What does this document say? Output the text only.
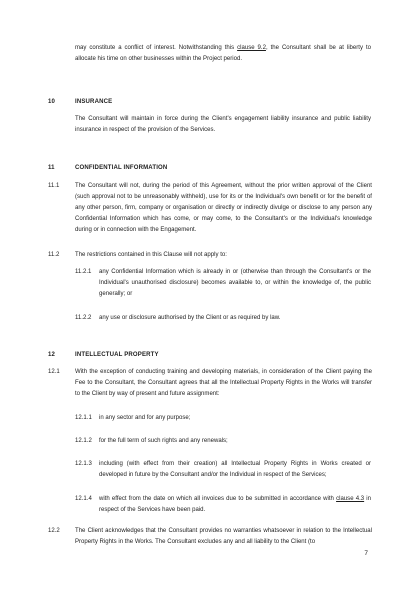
may constitute a conflict of interest. Notwithstanding this clause 9.2, the Consultant shall be at liberty to allocate his time on other businesses within the Project period.
10	INSURANCE
The Consultant will maintain in force during the Client's engagement liability insurance and public liability insurance in respect of the provision of the Services.
11	CONFIDENTIAL INFORMATION
11.1	The Consultant will not, during the period of this Agreement, without the prior written approval of the Client (such approval not to be unreasonably withheld), use for its or the Individual's own benefit or for the benefit of any other person, firm, company or organisation or directly or indirectly divulge or disclose to any person any Confidential Information which has come, or may come, to the Consultant's or the Individual's knowledge during or in connection with the Engagement.
11.2	The restrictions contained in this Clause will not apply to:
11.2.1 any Confidential Information which is already in or (otherwise than through the Consultant's or the Individual's unauthorised disclosure) becomes available to, or within the knowledge of, the public generally; or
11.2.2 any use or disclosure authorised by the Client or as required by law.
12	INTELLECTUAL PROPERTY
12.1	With the exception of conducting training and developing materials, in consideration of the Client paying the Fee to the Consultant, the Consultant agrees that all the Intellectual Property Rights in the Works will transfer to the Client by way of present and future assignment:
12.1.1 in any sector and for any purpose;
12.1.2 for the full term of such rights and any renewals;
12.1.3 including (with effect from their creation) all Intellectual Property Rights in Works created or developed in future by the Consultant and/or the Individual in respect of the Services;
12.1.4 with effect from the date on which all invoices due to be submitted in accordance with clause 4.3 in respect of the Services have been paid.
12.2	The Client acknowledges that the Consultant provides no warranties whatsoever in relation to the Intellectual Property Rights in the Works. The Consultant excludes any and all liability to the Client (to
7
